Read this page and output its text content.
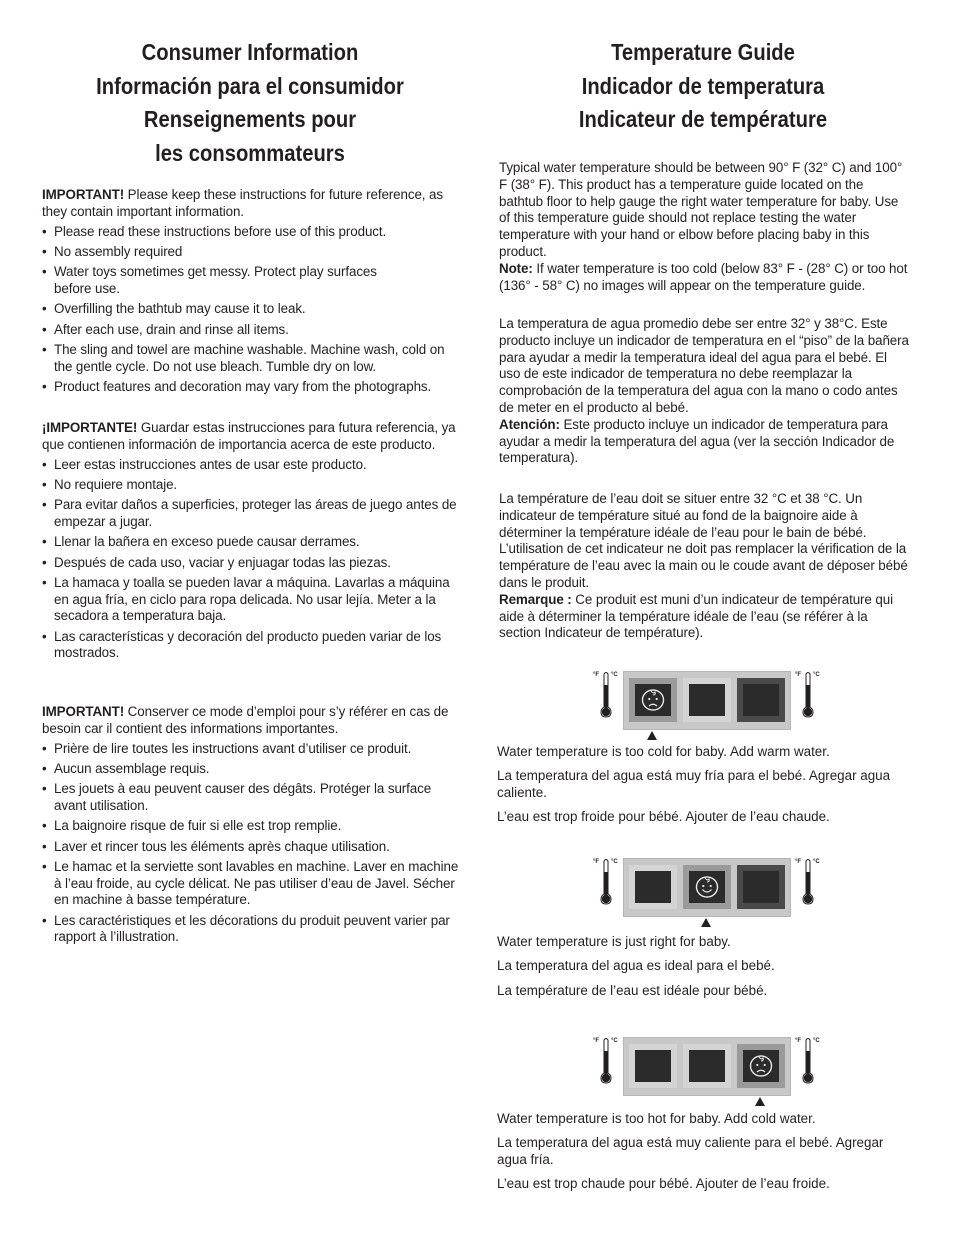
Consumer Information
Información para el consumidor
Renseignements pour
les consommateurs
Temperature Guide
Indicador de temperatura
Indicateur de température

IMPORTANT! Please keep these instructions for future reference, as they contain important information.

• Please read these instructions before use of this product.
• No assembly required
• Water toys sometimes get messy. Protect play surfaces before use.
• Overfilling the bathtub may cause it to leak.
• After each use, drain and rinse all items.
• The sling and towel are machine washable. Machine wash, cold on the gentle cycle. Do not use bleach. Tumble dry on low.
• Product features and decoration may vary from the photographs.

¡IMPORTANTE! Guardar estas instrucciones para futura referencia, ya que contienen información de importancia acerca de este producto.

• Leer estas instrucciones antes de usar este producto.
• No requiere montaje.
• Para evitar daños a superficies, proteger las áreas de juego antes de empezar a jugar.
• Llenar la bañera en exceso puede causar derrames.
• Después de cada uso, vaciar y enjuagar todas las piezas.
• La hamaca y toalla se pueden lavar a máquina. Lavarlas a máquina en agua fría, en ciclo para ropa delicada. No usar lejía. Meter a la secadora a temperatura baja.
• Las características y decoración del producto pueden variar de los mostrados.

IMPORTANT! Conserver ce mode d’emploi pour s’y référer en cas de besoin car il contient des informations importantes.

• Prière de lire toutes les instructions avant d’utiliser ce produit.
• Aucun assemblage requis.
• Les jouets à eau peuvent causer des dégâts. Protéger la surface avant utilisation.
• La baignoire risque de fuir si elle est trop remplie.
• Laver et rincer tous les éléments après chaque utilisation.
• Le hamac et la serviette sont lavables en machine. Laver en machine à l’eau froide, au cycle délicat. Ne pas utiliser d’eau de Javel. Sécher en machine à basse température.
• Les caractéristiques et les décorations du produit peuvent varier par rapport à l’illustration.

Typical water temperature should be between 90° F (32° C) and 100° F (38° F). This product has a temperature guide located on the bathtub floor to help gauge the right water temperature for baby. Use of this temperature guide should not replace testing the water temperature with your hand or elbow before placing baby in this product.

Note: If water temperature is too cold (below 83° F - (28° C) or too hot (136° - 58° C) no images will appear on the temperature guide.

La temperatura de agua promedio debe ser entre 32° y 38°C. Este producto incluye un indicador de temperatura en el “piso” de la bañera para ayudar a medir la temperatura ideal del agua para el bebé. El uso de este indicador de temperatura no debe reemplazar la comprobación de la temperatura del agua con la mano o codo antes de meter en el producto al bebé.

Atención: Este producto incluye un indicador de temperatura para ayudar a medir la temperatura del agua (ver la sección Indicador de temperatura).

La température de l’eau doit se situer entre 32 °C et 38 °C. Un indicateur de température situé au fond de la baignoire aide à déterminer la température idéale de l’eau pour le bain de bébé. L’utilisation de cet indicateur ne doit pas remplacer la vérification de la température de l’eau avec la main ou le coude avant de déposer bébé dans le produit.

Remarque : Ce produit est muni d’un indicateur de température qui aide à déterminer la température idéale de l’eau (se référer à la section Indicateur de température).

°F °C	°F °C

Water temperature is too cold for baby. Add warm water.

La temperatura del agua está muy fría para el bebé. Agregar agua caliente.

L’eau est trop froide pour bébé. Ajouter de l’eau chaude.

°F °C	°F °C

Water temperature is just right for baby.

La temperatura del agua es ideal para el bebé.

La température de l’eau est idéale pour bébé.

°F °C	°F °C

Water temperature is too hot for baby. Add cold water.

La temperatura del agua está muy caliente para el bebé. Agregar agua fría.

L’eau est trop chaude pour bébé. Ajouter de l’eau froide.
